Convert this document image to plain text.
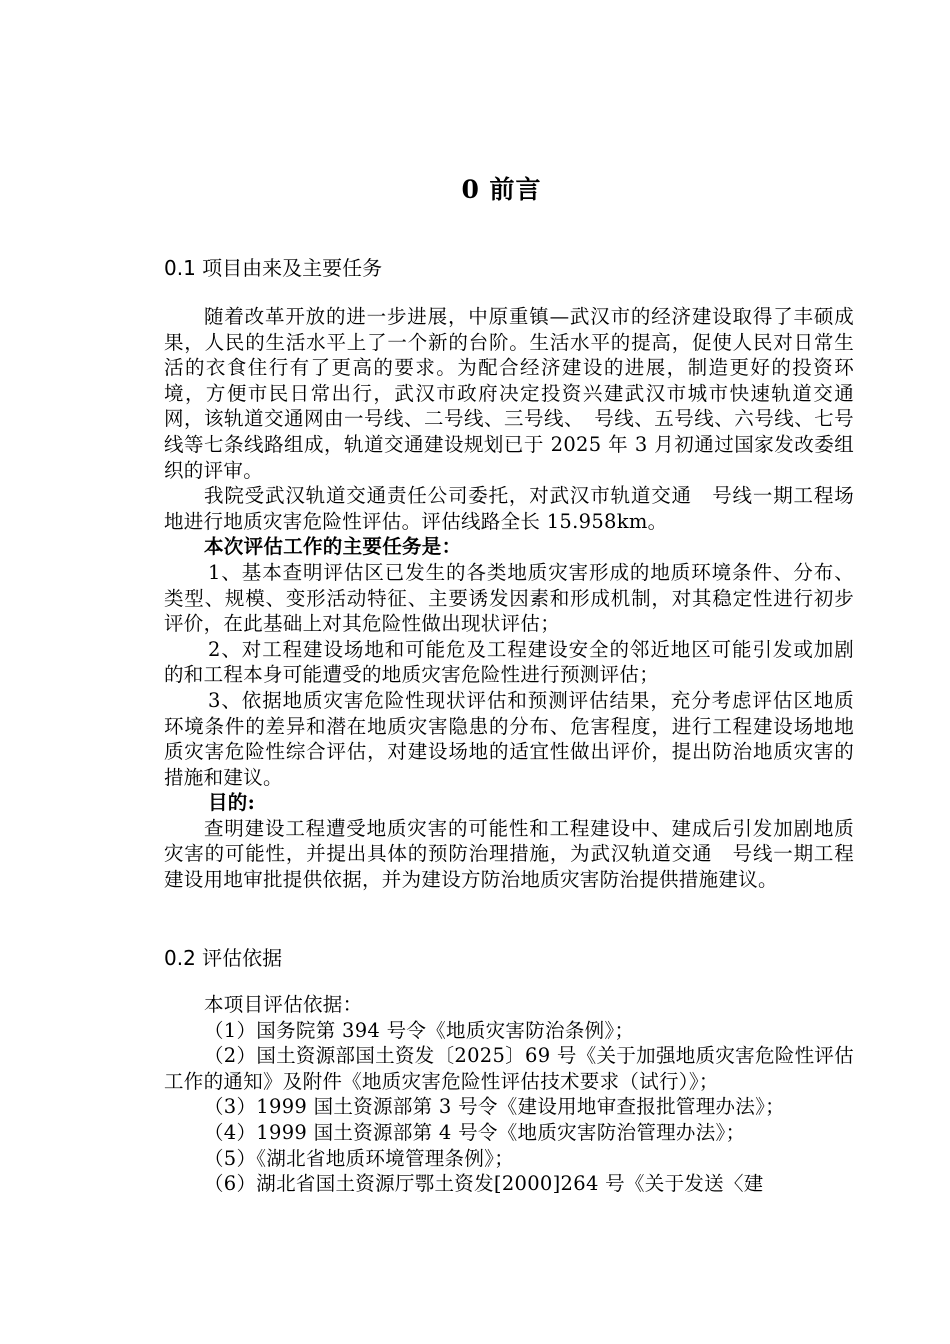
0 前言
0.1 项目由来及主要任务

随着改革开放的进一步进展，中原重镇—武汉市的经济建设取得了丰硕成果，人民的生活水平上了一个新的台阶。生活水平的提高，促使人民对日常生活的衣食住行有了更高的要求。为配合经济建设的进展，制造更好的投资环境，方便市民日常出行，武汉市政府决定投资兴建武汉市城市快速轨道交通网，该轨道交通网由一号线、二号线、三号线、　号线、五号线、六号线、七号线等七条线路组成，轨道交通建设规划已于 2025 年 3 月初通过国家发改委组织的评审。

我院受武汉轨道交通责任公司委托，对武汉市轨道交通　号线一期工程场地进行地质灾害危险性评估。评估线路全长 15.958km。

本次评估工作的主要任务是：

1、基本查明评估区已发生的各类地质灾害形成的地质环境条件、分布、类型、规模、变形活动特征、主要诱发因素和形成机制，对其稳定性进行初步评价，在此基础上对其危险性做出现状评估；

2、对工程建设场地和可能危及工程建设安全的邻近地区可能引发或加剧的和工程本身可能遭受的地质灾害危险性进行预测评估；

3、依据地质灾害危险性现状评估和预测评估结果，充分考虑评估区地质环境条件的差异和潜在地质灾害隐患的分布、危害程度，进行工程建设场地地质灾害危险性综合评估，对建设场地的适宜性做出评价，提出防治地质灾害的措施和建议。

目的:

查明建设工程遭受地质灾害的可能性和工程建设中、建成后引发加剧地质灾害的可能性，并提出具体的预防治理措施，为武汉轨道交通　号线一期工程建设用地审批提供依据，并为建设方防治地质灾害防治提供措施建议。

0.2 评估依据

本项目评估依据：

（1）国务院第 394 号令《地质灾害防治条例》；

（2）国土资源部国土资发〔2025〕69 号《关于加强地质灾害危险性评估工作的通知》及附件《地质灾害危险性评估技术要求（试行）》；

（3）1999 国土资源部第 3 号令《建设用地审查报批管理办法》；

（4）1999 国土资源部第 4 号令《地质灾害防治管理办法》；

（5）《湖北省地质环境管理条例》；

（6）湖北省国土资源厅鄂土资发[2000]264 号《关于发送〈建
